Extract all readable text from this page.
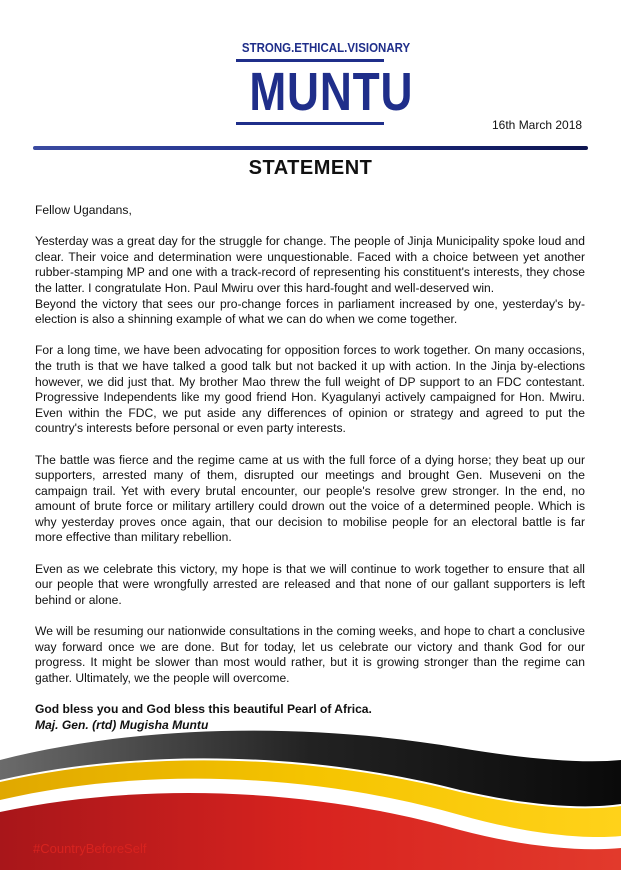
STRONG.ETHICAL.VISIONARY
MUNTU
16th March 2018
STATEMENT

Fellow Ugandans,

Yesterday was a great day for the struggle for change. The people of Jinja Municipality spoke loud and clear. Their voice and determination were unquestionable. Faced with a choice between yet another rubber-stamping MP and one with a track-record of representing his constituent's interests, they chose the latter. I congratulate Hon. Paul Mwiru over this hard-fought and well-deserved win.

Beyond the victory that sees our pro-change forces in parliament increased by one, yesterday's by-election is also a shinning example of what we can do when we come together.

For a long time, we have been advocating for opposition forces to work together. On many occasions, the truth is that we have talked a good talk but not backed it up with action. In the Jinja by-elections however, we did just that. My brother Mao threw the full weight of DP support to an FDC contestant. Progressive Independents like my good friend Hon. Kyagulanyi actively campaigned for Hon. Mwiru. Even within the FDC, we put aside any differences of opinion or strategy and agreed to put the country's interests before personal or even party interests.

The battle was fierce and the regime came at us with the full force of a dying horse; they beat up our supporters, arrested many of them, disrupted our meetings and brought Gen. Museveni on the campaign trail. Yet with every brutal encounter, our people's resolve grew stronger. In the end, no amount of brute force or military artillery could drown out the voice of a determined people. Which is why yesterday proves once again, that our decision to mobilise people for an electoral battle is far more effective than military rebellion.

Even as we celebrate this victory, my hope is that we will continue to work together to ensure that all our people that were wrongfully arrested are released and that none of our gallant supporters is left behind or alone.

We will be resuming our nationwide consultations in the coming weeks, and hope to chart a conclusive way forward once we are done. But for today, let us celebrate our victory and thank God for our progress. It might be slower than most would rather, but it is growing stronger than the regime can gather. Ultimately, we the people will overcome.

God bless you and God bless this beautiful Pearl of Africa.
Maj. Gen. (rtd) Mugisha Muntu
#CountryBeforeSelf
